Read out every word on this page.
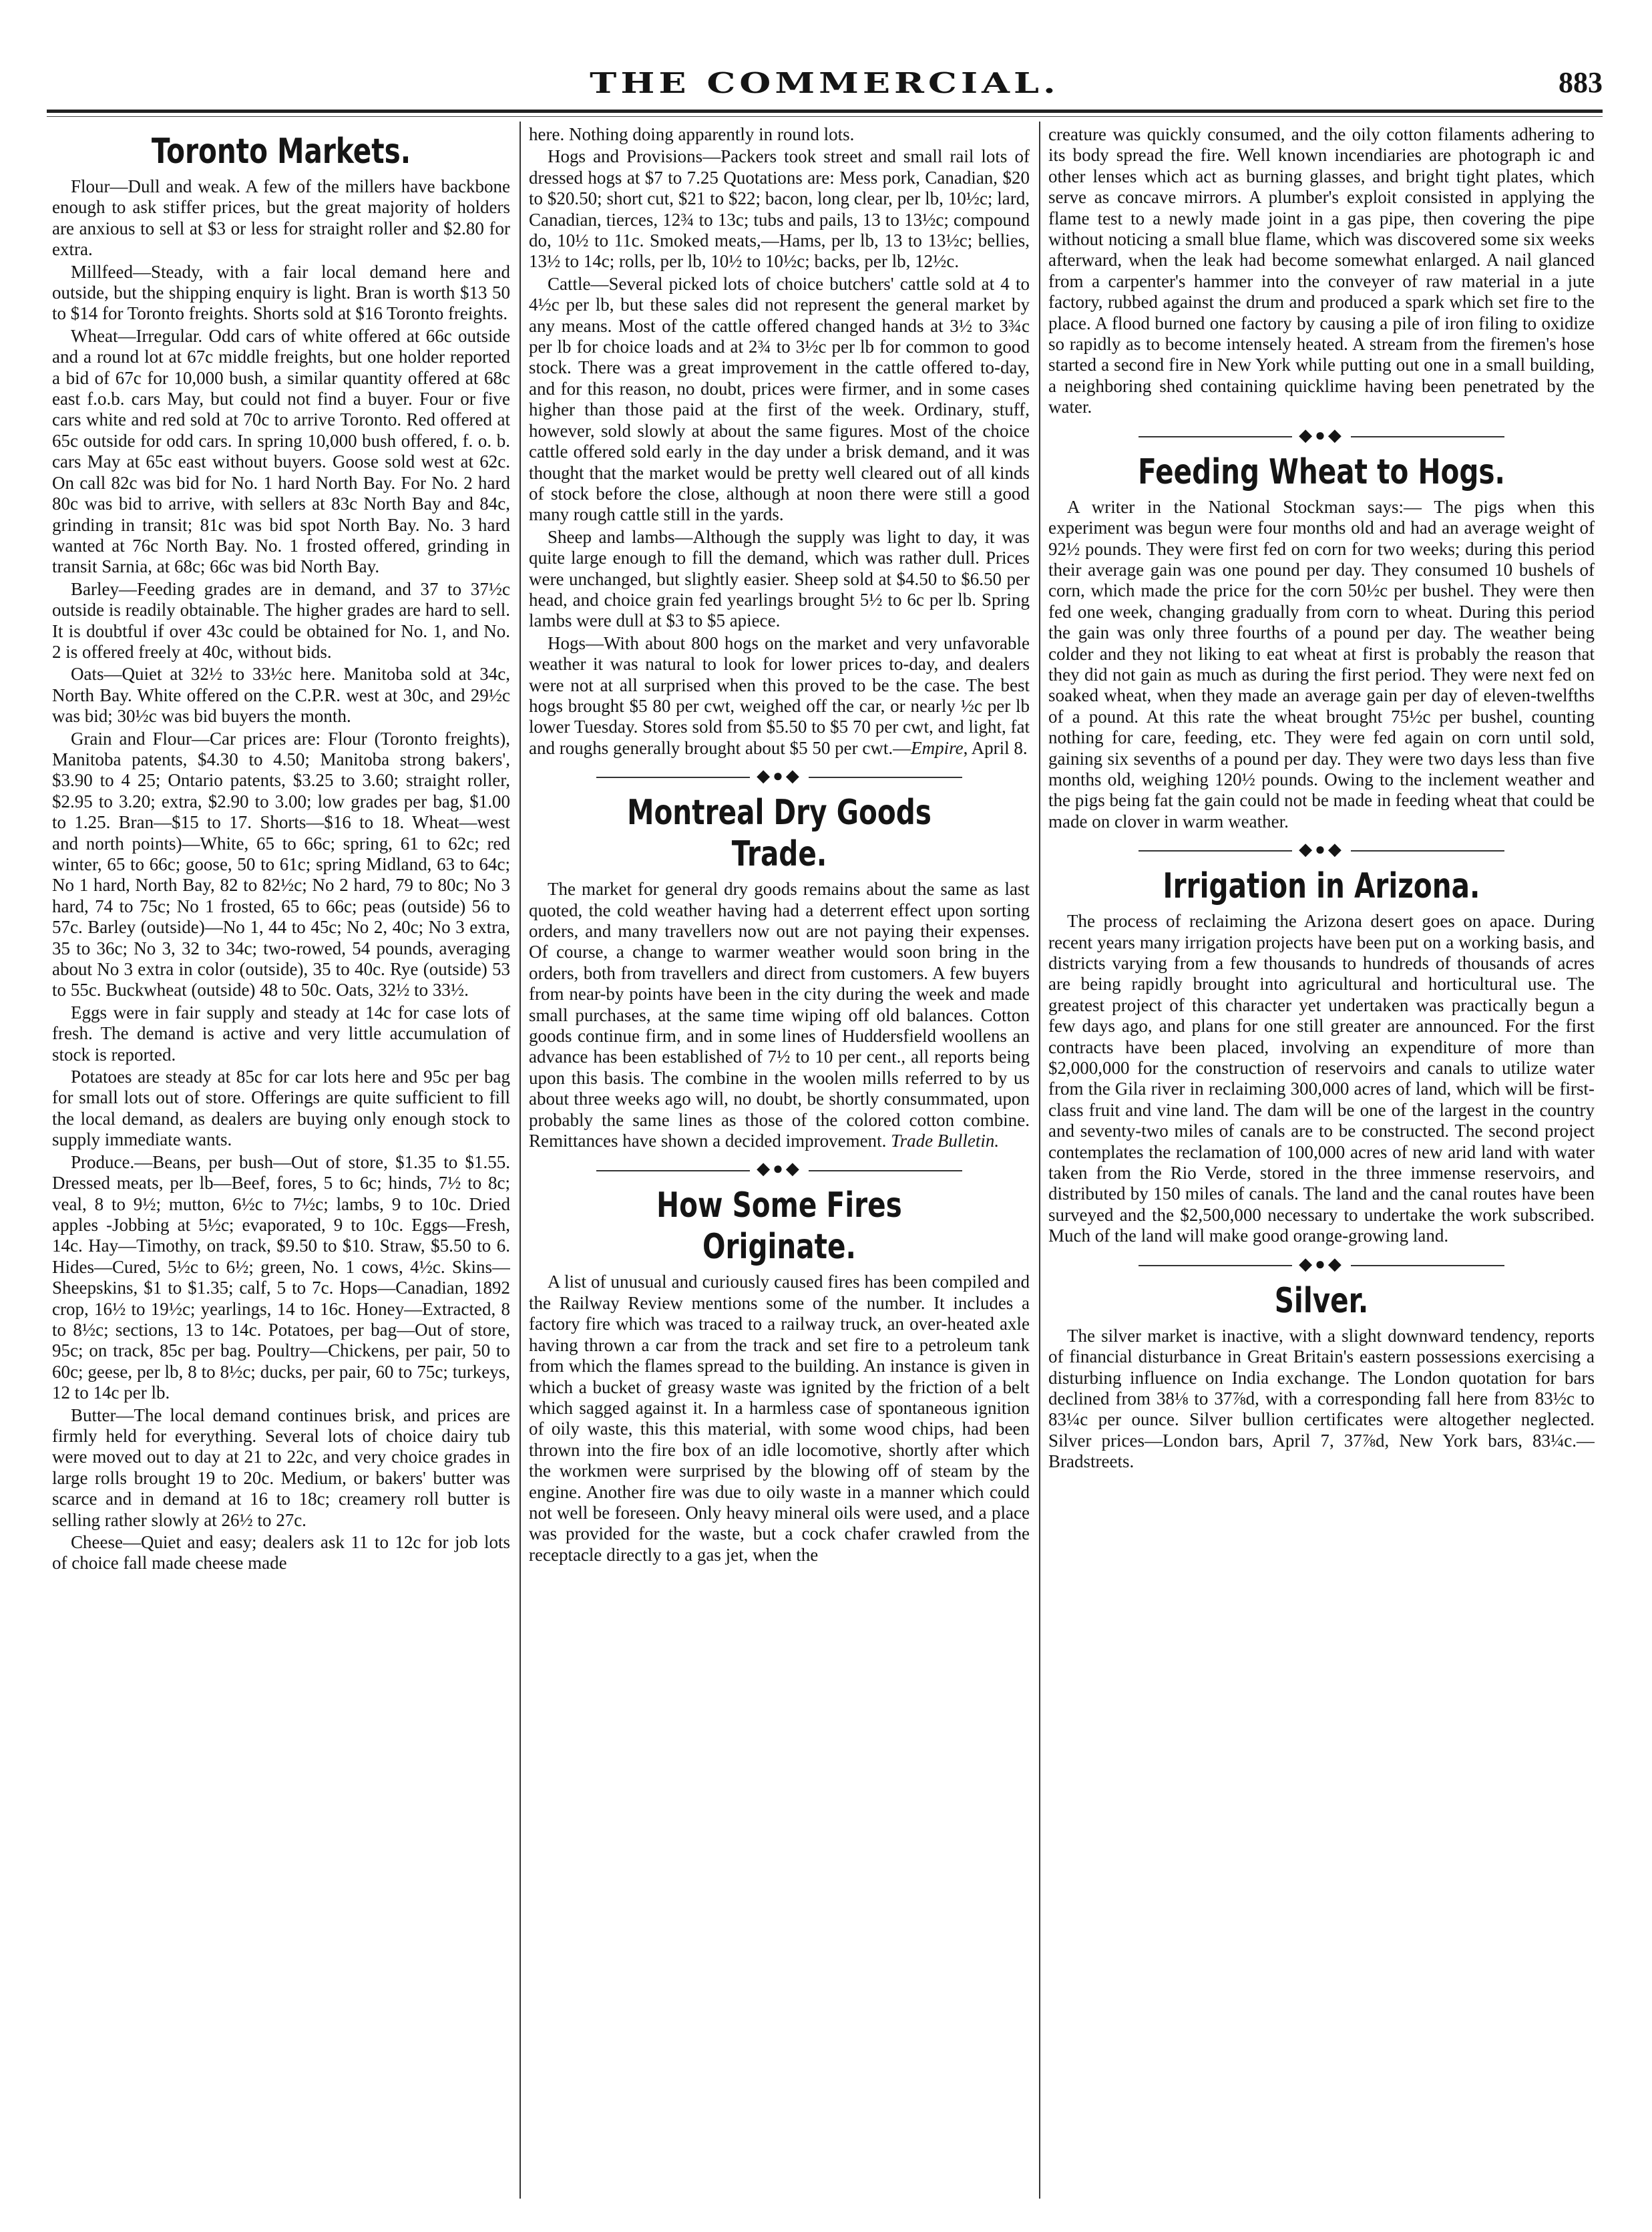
THE COMMERCIAL.	883
Toronto Markets.

Flour—Dull and weak. A few of the millers have backbone enough to ask stiffer prices, but the great majority of holders are anxious to sell at $3 or less for straight roller and $2.80 for extra.

Millfeed—Steady, with a fair local demand here and outside, but the shipping enquiry is light. Bran is worth $13 50 to $14 for Toronto freights. Shorts sold at $16 Toronto freights.

Wheat—Irregular. Odd cars of white offered at 66c outside and a round lot at 67c middle freights, but one holder reported a bid of 67c for 10,000 bush, a similar quantity offered at 68c east f.o.b. cars May, but could not find a buyer. Four or five cars white and red sold at 70c to arrive Toronto. Red offered at 65c outside for odd cars. In spring 10,000 bush offered, f. o. b. cars May at 65c east without buyers. Goose sold west at 62c. On call 82c was bid for No. 1 hard North Bay. For No. 2 hard 80c was bid to arrive, with sellers at 83c North Bay and 84c, grinding in transit; 81c was bid spot North Bay. No. 3 hard wanted at 76c North Bay. No. 1 frosted offered, grinding in transit Sarnia, at 68c; 66c was bid North Bay.

Barley—Feeding grades are in demand, and 37 to 37½c outside is readily obtainable. The higher grades are hard to sell. It is doubtful if over 43c could be obtained for No. 1, and No. 2 is offered freely at 40c, without bids.

Oats—Quiet at 32½ to 33½c here. Manitoba sold at 34c, North Bay. White offered on the C.P.R. west at 30c, and 29½c was bid; 30½c was bid buyers the month.

Grain and Flour—Car prices are: Flour (Toronto freights), Manitoba patents, $4.30 to 4.50; Manitoba strong bakers', $3.90 to 4 25; Ontario patents, $3.25 to 3.60; straight roller, $2.95 to 3.20; extra, $2.90 to 3.00; low grades per bag, $1.00 to 1.25. Bran—$15 to 17. Shorts—$16 to 18. Wheat—west and north points)—White, 65 to 66c; spring, 61 to 62c; red winter, 65 to 66c; goose, 50 to 61c; spring Midland, 63 to 64c; No 1 hard, North Bay, 82 to 82½c; No 2 hard, 79 to 80c; No 3 hard, 74 to 75c; No 1 frosted, 65 to 66c; peas (outside) 56 to 57c. Barley (outside)—No 1, 44 to 45c; No 2, 40c; No 3 extra, 35 to 36c; No 3, 32 to 34c; two-rowed, 54 pounds, averaging about No 3 extra in color (outside), 35 to 40c. Rye (outside) 53 to 55c. Buckwheat (outside) 48 to 50c. Oats, 32½ to 33½.

Eggs were in fair supply and steady at 14c for case lots of fresh. The demand is active and very little accumulation of stock is reported.

Potatoes are steady at 85c for car lots here and 95c per bag for small lots out of store. Offerings are quite sufficient to fill the local demand, as dealers are buying only enough stock to supply immediate wants.

Produce.—Beans, per bush—Out of store, $1.35 to $1.55. Dressed meats, per lb—Beef, fores, 5 to 6c; hinds, 7½ to 8c; veal, 8 to 9½; mutton, 6½c to 7½c; lambs, 9 to 10c. Dried apples -Jobbing at 5½c; evaporated, 9 to 10c. Eggs—Fresh, 14c. Hay—Timothy, on track, $9.50 to $10. Straw, $5.50 to 6. Hides—Cured, 5½c to 6½; green, No. 1 cows, 4½c. Skins—Sheepskins, $1 to $1.35; calf, 5 to 7c. Hops—Canadian, 1892 crop, 16½ to 19½c; yearlings, 14 to 16c. Honey—Extracted, 8 to 8½c; sections, 13 to 14c. Potatoes, per bag—Out of store, 95c; on track, 85c per bag. Poultry—Chickens, per pair, 50 to 60c; geese, per lb, 8 to 8½c; ducks, per pair, 60 to 75c; turkeys, 12 to 14c per lb.

Butter—The local demand continues brisk, and prices are firmly held for everything. Several lots of choice dairy tub were moved out to day at 21 to 22c, and very choice grades in large rolls brought 19 to 20c. Medium, or bakers' butter was scarce and in demand at 16 to 18c; creamery roll butter is selling rather slowly at 26½ to 27c.

Cheese—Quiet and easy; dealers ask 11 to 12c for job lots of choice fall made cheese made

here. Nothing doing apparently in round lots.

Hogs and Provisions—Packers took street and small rail lots of dressed hogs at $7 to 7.25 Quotations are: Mess pork, Canadian, $20 to $20.50; short cut, $21 to $22; bacon, long clear, per lb, 10½c; lard, Canadian, tierces, 12¾ to 13c; tubs and pails, 13 to 13½c; compound do, 10½ to 11c. Smoked meats,—Hams, per lb, 13 to 13½c; bellies, 13½ to 14c; rolls, per lb, 10½ to 10½c; backs, per lb, 12½c.

Cattle—Several picked lots of choice butchers' cattle sold at 4 to 4½c per lb, but these sales did not represent the general market by any means. Most of the cattle offered changed hands at 3½ to 3¾c per lb for choice loads and at 2¾ to 3½c per lb for common to good stock. There was a great improvement in the cattle offered to-day, and for this reason, no doubt, prices were firmer, and in some cases higher than those paid at the first of the week. Ordinary, stuff, however, sold slowly at about the same figures. Most of the choice cattle offered sold early in the day under a brisk demand, and it was thought that the market would be pretty well cleared out of all kinds of stock before the close, although at noon there were still a good many rough cattle still in the yards.

Sheep and lambs—Although the supply was light to day, it was quite large enough to fill the demand, which was rather dull. Prices were unchanged, but slightly easier. Sheep sold at $4.50 to $6.50 per head, and choice grain fed yearlings brought 5½ to 6c per lb. Spring lambs were dull at $3 to $5 apiece.

Hogs—With about 800 hogs on the market and very unfavorable weather it was natural to look for lower prices to-day, and dealers were not at all surprised when this proved to be the case. The best hogs brought $5 80 per cwt, weighed off the car, or nearly ½c per lb lower Tuesday. Stores sold from $5.50 to $5 70 per cwt, and light, fat and roughs generally brought about $5 50 per cwt.—Empire, April 8.

◆●◆
Montreal Dry Goods Trade.

The market for general dry goods remains about the same as last quoted, the cold weather having had a deterrent effect upon sorting orders, and many travellers now out are not paying their expenses. Of course, a change to warmer weather would soon bring in the orders, both from travellers and direct from customers. A few buyers from near-by points have been in the city during the week and made small purchases, at the same time wiping off old balances. Cotton goods continue firm, and in some lines of Huddersfield woollens an advance has been established of 7½ to 10 per cent., all reports being upon this basis. The combine in the woolen mills referred to by us about three weeks ago will, no doubt, be shortly consummated, upon probably the same lines as those of the colored cotton combine. Remittances have shown a decided improvement. Trade Bulletin.

◆●◆
How Some Fires Originate.

A list of unusual and curiously caused fires has been compiled and the Railway Review mentions some of the number. It includes a factory fire which was traced to a railway truck, an over-heated axle having thrown a car from the track and set fire to a petroleum tank from which the flames spread to the building. An instance is given in which a bucket of greasy waste was ignited by the friction of a belt which sagged against it. In a harmless case of spontaneous ignition of oily waste, this this material, with some wood chips, had been thrown into the fire box of an idle locomotive, shortly after which the workmen were surprised by the blowing off of steam by the engine. Another fire was due to oily waste in a manner which could not well be foreseen. Only heavy mineral oils were used, and a place was provided for the waste, but a cock chafer crawled from the receptacle directly to a gas jet, when the

creature was quickly consumed, and the oily cotton filaments adhering to its body spread the fire. Well known incendiaries are photograph ic and other lenses which act as burning glasses, and bright tight plates, which serve as concave mirrors. A plumber's exploit consisted in applying the flame test to a newly made joint in a gas pipe, then covering the pipe without noticing a small blue flame, which was discovered some six weeks afterward, when the leak had become somewhat enlarged. A nail glanced from a carpenter's hammer into the conveyer of raw material in a jute factory, rubbed against the drum and produced a spark which set fire to the place. A flood burned one factory by causing a pile of iron filing to oxidize so rapidly as to become intensely heated. A stream from the firemen's hose started a second fire in New York while putting out one in a small building, a neighboring shed containing quicklime having been penetrated by the water.

◆●◆
Feeding Wheat to Hogs.

A writer in the National Stockman says:— The pigs when this experiment was begun were four months old and had an average weight of 92½ pounds. They were first fed on corn for two weeks; during this period their average gain was one pound per day. They consumed 10 bushels of corn, which made the price for the corn 50½c per bushel. They were then fed one week, changing gradually from corn to wheat. During this period the gain was only three fourths of a pound per day. The weather being colder and they not liking to eat wheat at first is probably the reason that they did not gain as much as during the first period. They were next fed on soaked wheat, when they made an average gain per day of eleven-twelfths of a pound. At this rate the wheat brought 75½c per bushel, counting nothing for care, feeding, etc. They were fed again on corn until sold, gaining six sevenths of a pound per day. They were two days less than five months old, weighing 120½ pounds. Owing to the inclement weather and the pigs being fat the gain could not be made in feeding wheat that could be made on clover in warm weather.

◆●◆
Irrigation in Arizona.

The process of reclaiming the Arizona desert goes on apace. During recent years many irrigation projects have been put on a working basis, and districts varying from a few thousands to hundreds of thousands of acres are being rapidly brought into agricultural and horticultural use. The greatest project of this character yet undertaken was practically begun a few days ago, and plans for one still greater are announced. For the first contracts have been placed, involving an expenditure of more than $2,000,000 for the construction of reservoirs and canals to utilize water from the Gila river in reclaiming 300,000 acres of land, which will be first-class fruit and vine land. The dam will be one of the largest in the country and seventy-two miles of canals are to be constructed. The second project contemplates the reclamation of 100,000 acres of new arid land with water taken from the Rio Verde, stored in the three immense reservoirs, and distributed by 150 miles of canals. The land and the canal routes have been surveyed and the $2,500,000 necessary to undertake the work subscribed. Much of the land will make good orange-growing land.

◆●◆
Silver.

The silver market is inactive, with a slight downward tendency, reports of financial disturbance in Great Britain's eastern possessions exercising a disturbing influence on India exchange. The London quotation for bars declined from 38⅛ to 37⅞d, with a corresponding fall here from 83½c to 83¼c per ounce. Silver bullion certificates were altogether neglected. Silver prices—London bars, April 7, 37⅞d, New York bars, 83¼c.—Bradstreets.
